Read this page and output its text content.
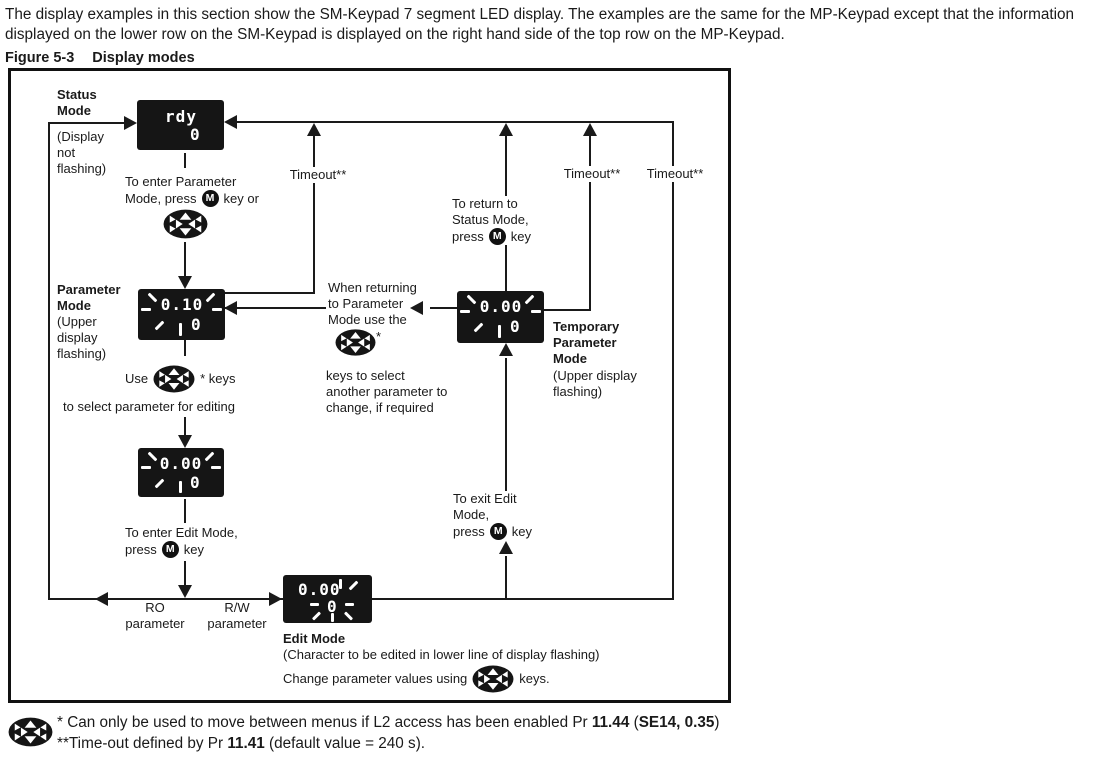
The display examples in this section show the SM-Keypad 7 segment LED display. The examples are the same for the MP-Keypad except that the information displayed on the lower row on the SM-Keypad is displayed on the right hand side of the top row on the MP-Keypad.
Figure 5-3 Display modes
Status Mode
(Display not flashing)
rdy
0
To enter Parameter
Mode, press M key or
Timeout**	Timeout**	Timeout**
Parameter Mode
(Upper display flashing)
0.10
0
Use	* keys
to select parameter for editing
0.00
0
To enter Edit Mode,
press M key
RO
parameter
R/W
parameter
0.00
0
Edit Mode
(Character to be edited in lower line of display flashing)
Change parameter values using	keys.
When returning to Parameter Mode use the
*
keys to select another parameter to change, if required
0.00
0 Temporary Parameter Mode
(Upper display flashing)
To return to
Status Mode,
press M key
To exit Edit Mode,
press M key
* Can only be used to move between menus if L2 access has been enabled Pr 11.44 (SE14, 0.35)
**Time-out defined by Pr 11.41 (default value = 240 s).
